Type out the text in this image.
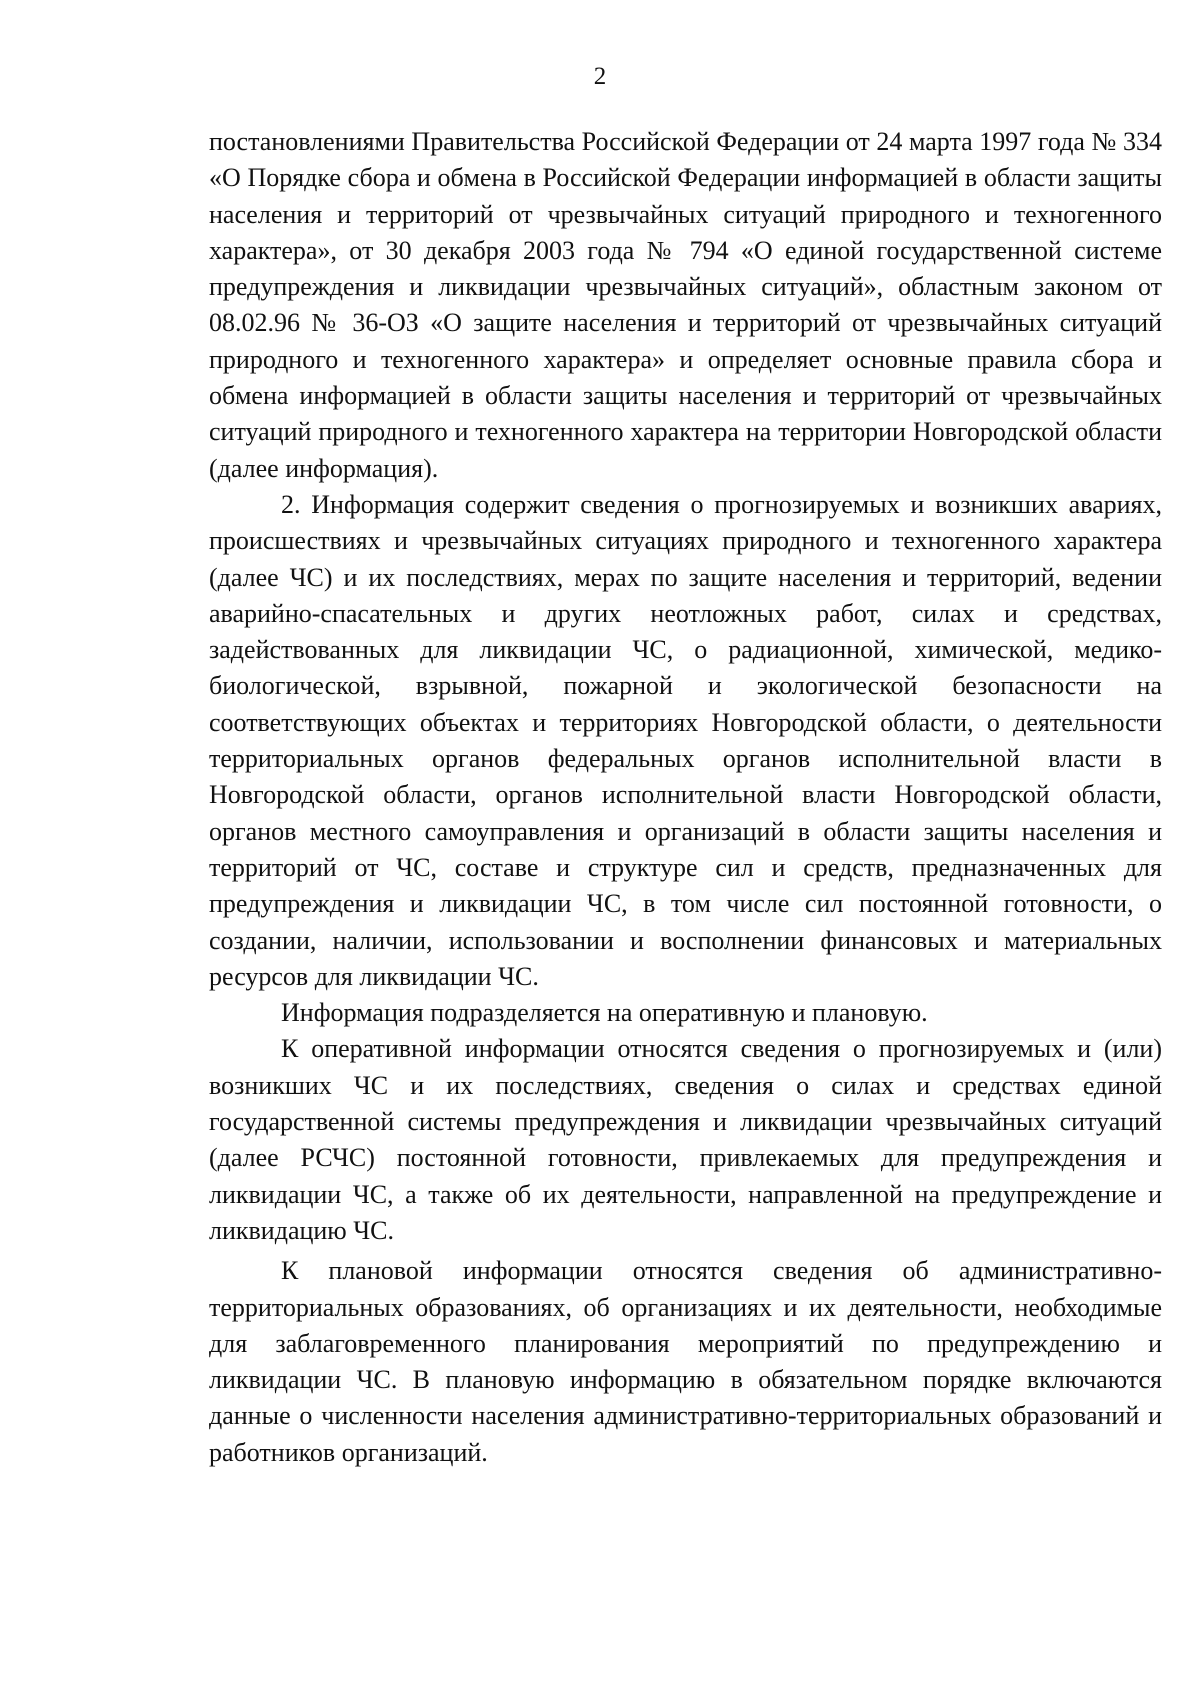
2

постановлениями Правительства Российской Федерации от 24 марта 1997 года № 334 «О Порядке сбора и обмена в Российской Федерации информацией в области защиты населения и территорий от чрезвычайных ситуаций природного и техногенного характера», от 30 декабря 2003 года № 794 «О единой государственной системе предупреждения и ликвидации чрезвычайных ситуаций», областным законом от 08.02.96 № 36-ОЗ «О защите населения и территорий от чрезвычайных ситуаций природного и техногенного характера» и определяет основные правила сбора и обмена информацией в области защиты населения и территорий от чрезвычайных ситуаций природного и техногенного характера на территории Новгородской области (далее информация).

2. Информация содержит сведения о прогнозируемых и возникших авариях, происшествиях и чрезвычайных ситуациях природного и техногенного характера (далее ЧС) и их последствиях, мерах по защите населения и территорий, ведении аварийно-спасательных и других неотложных работ, силах и средствах, задействованных для ликвидации ЧС, о радиационной, химической, медико-биологической, взрывной, пожарной и экологической безопасности на соответствующих объектах и территориях Новгородской области, о деятельности территориальных органов федеральных органов исполнительной власти в Новгородской области, органов исполнительной власти Новгородской области, органов местного самоуправления и организаций в области защиты населения и территорий от ЧС, составе и структуре сил и средств, предназначенных для предупреждения и ликвидации ЧС, в том числе сил постоянной готовности, о создании, наличии, использовании и восполнении финансовых и материальных ресурсов для ликвидации ЧС.

Информация подразделяется на оперативную и плановую.

К оперативной информации относятся сведения о прогнозируемых и (или) возникших ЧС и их последствиях, сведения о силах и средствах единой государственной системы предупреждения и ликвидации чрезвычайных ситуаций (далее РСЧС) постоянной готовности, привлекаемых для предупреждения и ликвидации ЧС, а также об их деятельности, направленной на предупреждение и ликвидацию ЧС.

К плановой информации относятся сведения об административно-территориальных образованиях, об организациях и их деятельности, необходимые для заблаговременного планирования мероприятий по предупреждению и ликвидации ЧС. В плановую информацию в обязательном порядке включаются данные о численности населения административно-территориальных образований и работников организаций.
